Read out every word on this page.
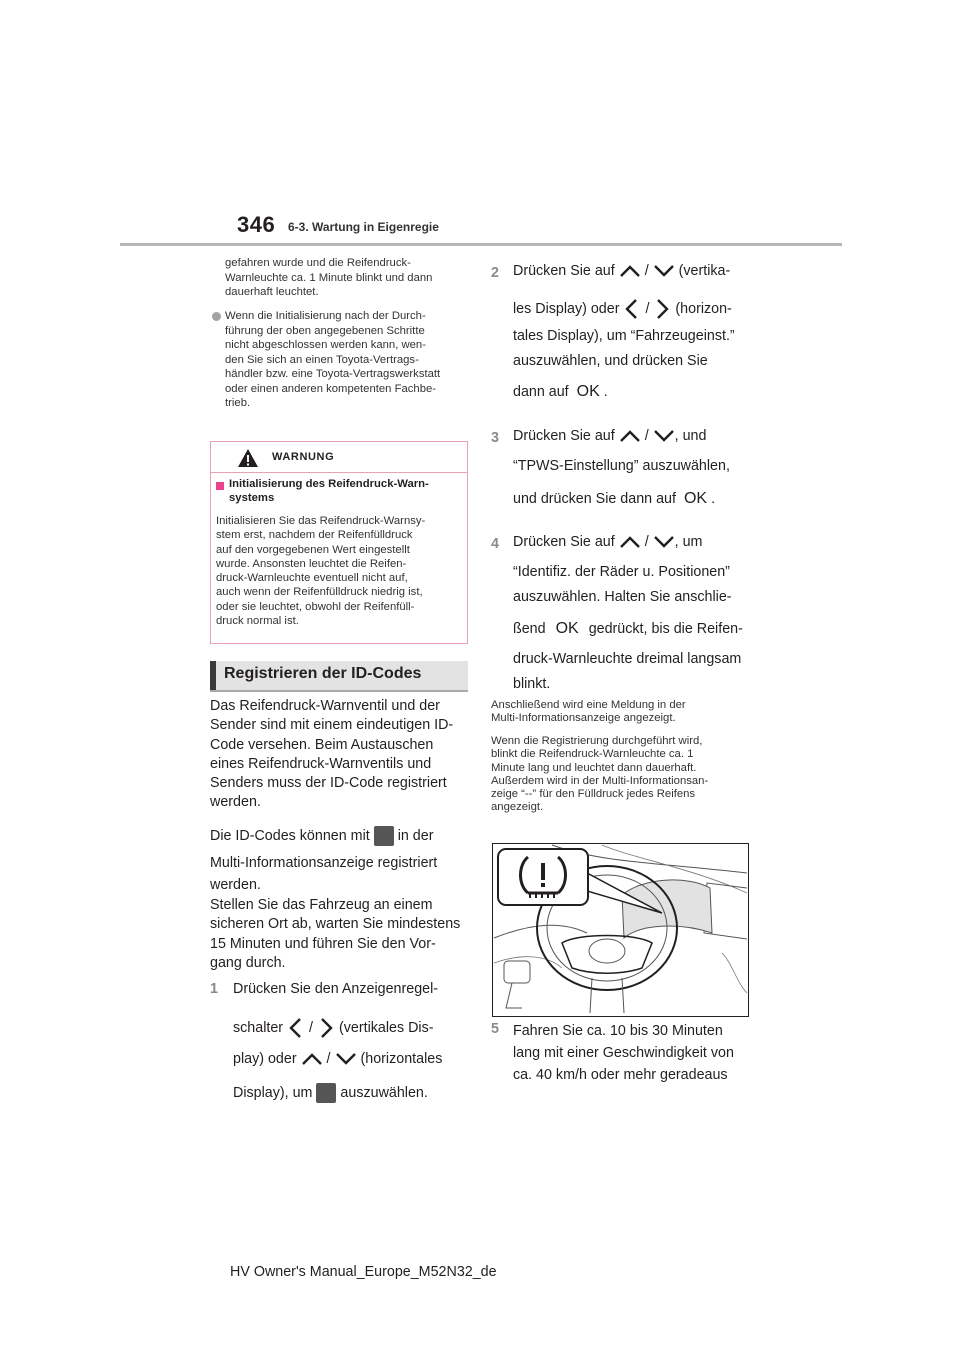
346 6-3. Wartung in Eigenregie
gefahren wurde und die Reifendruck-
Warnleuchte ca. 1 Minute blinkt und dann
dauerhaft leuchtet.
Wenn die Initialisierung nach der Durch-
führung der oben angegebenen Schritte
nicht abgeschlossen werden kann, wen-
den Sie sich an einen Toyota-Vertrags-
händler bzw. eine Toyota-Vertragswerkstatt
oder einen anderen kompetenten Fachbe-
trieb.
WARNUNG
Initialisierung des Reifendruck-Warn-
systems
Initialisieren Sie das Reifendruck-Warnsy-
stem erst, nachdem der Reifenfülldruck
auf den vorgegebenen Wert eingestellt
wurde. Ansonsten leuchtet die Reifen-
druck-Warnleuchte eventuell nicht auf,
auch wenn der Reifenfülldruck niedrig ist,
oder sie leuchtet, obwohl der Reifenfüll-
druck normal ist.
Registrieren der ID-Codes
Das Reifendruck-Warnventil und der
Sender sind mit einem eindeutigen ID-
Code versehen. Beim Austauschen
eines Reifendruck-Warnventils und
Senders muss der ID-Code registriert
werden.
Die ID-Codes können mit in der
Multi-Informationsanzeige registriert
werden.
Stellen Sie das Fahrzeug an einem
sicheren Ort ab, warten Sie mindestens
15 Minuten und führen Sie den Vor-
gang durch.
1 Drücken Sie den Anzeigenregel-
schalter / (vertikales Dis-
play) oder / (horizontales
Display), um auszuwählen.
2 Drücken Sie auf / (vertika-
les Display) oder / (horizon-
tales Display), um “Fahrzeugeinst.”
auszuwählen, und drücken Sie
dann auf OK .
3 Drücken Sie auf / , und
“TPWS-Einstellung” auszuwählen,
und drücken Sie dann auf OK .
4 Drücken Sie auf / , um
“Identifiz. der Räder u. Positionen”
auszuwählen. Halten Sie anschlie-
ßend OK gedrückt, bis die Reifen-
druck-Warnleuchte dreimal langsam
blinkt.
Anschließend wird eine Meldung in der
Multi-Informationsanzeige angezeigt.
Wenn die Registrierung durchgeführt wird,
blinkt die Reifendruck-Warnleuchte ca. 1
Minute lang und leuchtet dann dauerhaft.
Außerdem wird in der Multi-Informationsan-
zeige “--” für den Fülldruck jedes Reifens
angezeigt.
5 Fahren Sie ca. 10 bis 30 Minuten
lang mit einer Geschwindigkeit von
ca. 40 km/h oder mehr geradeaus
HV Owner's Manual_Europe_M52N32_de
